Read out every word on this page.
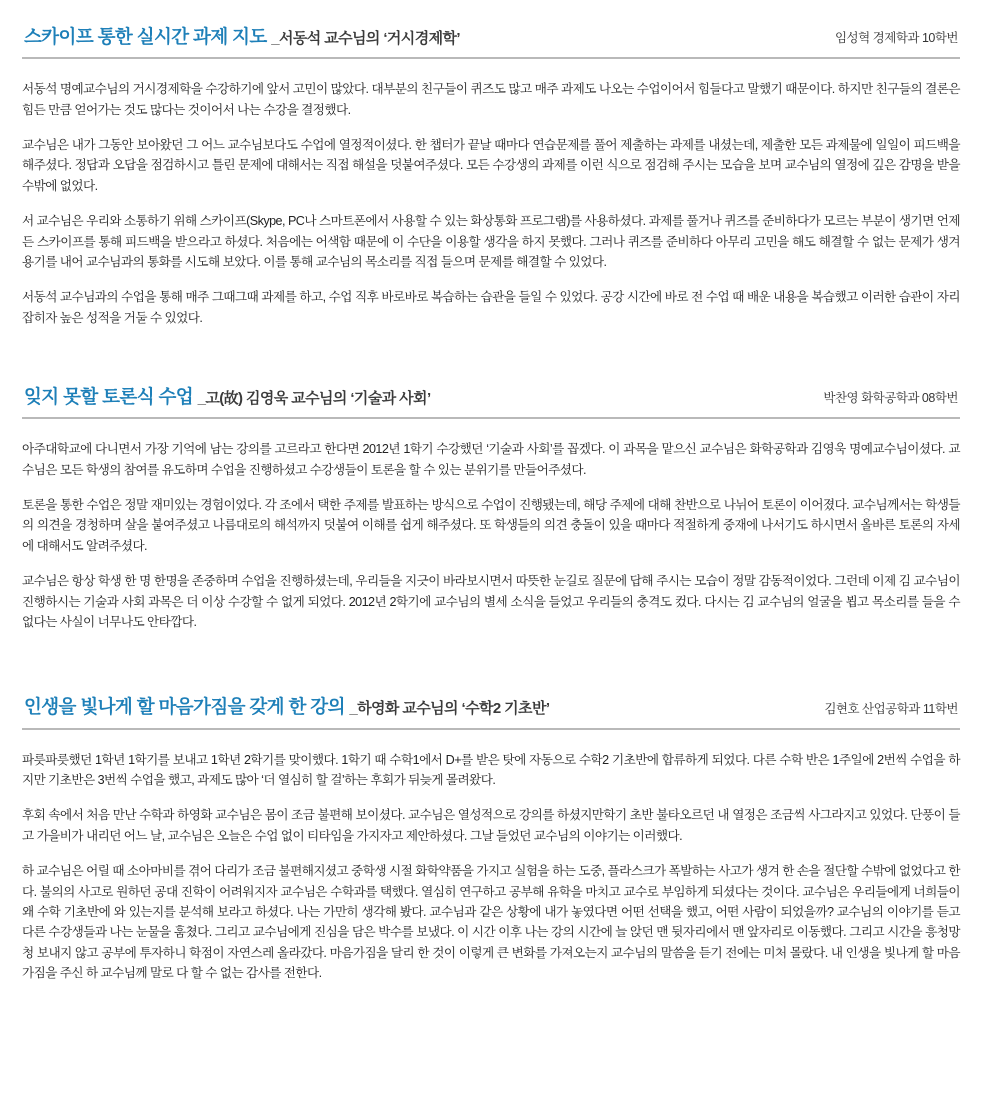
스카이프 통한 실시간 과제 지도 _서동석 교수님의 ‘거시경제학’	임성혁 경제학과 10학번

서동석 명예교수님의 거시경제학을 수강하기에 앞서 고민이 많았다. 대부분의 친구들이 퀴즈도 많고 매주 과제도 나오는 수업이어서 힘들다고 말했기 때문이다. 하지만 친구들의 결론은 힘든 만큼 얻어가는 것도 많다는 것이어서 나는 수강을 결정했다.

교수님은 내가 그동안 보아왔던 그 어느 교수님보다도 수업에 열정적이셨다. 한 챕터가 끝날 때마다 연습문제를 풀어 제출하는 과제를 내셨는데, 제출한 모든 과제물에 일일이 피드백을 해주셨다. 정답과 오답을 점검하시고 틀린 문제에 대해서는 직접 해설을 덧붙여주셨다. 모든 수강생의 과제를 이런 식으로 점검해 주시는 모습을 보며 교수님의 열정에 깊은 감명을 받을 수밖에 없었다.

서 교수님은 우리와 소통하기 위해 스카이프(Skype, PC나 스마트폰에서 사용할 수 있는 화상통화 프로그램)를 사용하셨다. 과제를 풀거나 퀴즈를 준비하다가 모르는 부분이 생기면 언제든 스카이프를 통해 피드백을 받으라고 하셨다. 처음에는 어색함 때문에 이 수단을 이용할 생각을 하지 못했다. 그러나 퀴즈를 준비하다 아무리 고민을 해도 해결할 수 없는 문제가 생겨 용기를 내어 교수님과의 통화를 시도해 보았다. 이를 통해 교수님의 목소리를 직접 들으며 문제를 해결할 수 있었다.

서동석 교수님과의 수업을 통해 매주 그때그때 과제를 하고, 수업 직후 바로바로 복습하는 습관을 들일 수 있었다. 공강 시간에 바로 전 수업 때 배운 내용을 복습했고 이러한 습관이 자리 잡히자 높은 성적을 거둘 수 있었다.

잊지 못할 토론식 수업 _고(故) 김영욱 교수님의 ‘기술과 사회’	박찬영 화학공학과 08학번

아주대학교에 다니면서 가장 기억에 남는 강의를 고르라고 한다면 2012년 1학기 수강했던 ‘기술과 사회’를 꼽겠다. 이 과목을 맡으신 교수님은 화학공학과 김영욱 명예교수님이셨다. 교수님은 모든 학생의 참여를 유도하며 수업을 진행하셨고 수강생들이 토론을 할 수 있는 분위기를 만들어주셨다.

토론을 통한 수업은 정말 재미있는 경험이었다. 각 조에서 택한 주제를 발표하는 방식으로 수업이 진행됐는데, 해당 주제에 대해 찬반으로 나뉘어 토론이 이어졌다. 교수님께서는 학생들의 의견을 경청하며 살을 붙여주셨고 나름대로의 해석까지 덧붙여 이해를 쉽게 해주셨다. 또 학생들의 의견 충돌이 있을 때마다 적절하게 중재에 나서기도 하시면서 올바른 토론의 자세에 대해서도 알려주셨다.

교수님은 항상 학생 한 명 한명을 존중하며 수업을 진행하셨는데, 우리들을 지긋이 바라보시면서 따뜻한 눈길로 질문에 답해 주시는 모습이 정말 감동적이었다. 그런데 이제 김 교수님이 진행하시는 기술과 사회 과목은 더 이상 수강할 수 없게 되었다. 2012년 2학기에 교수님의 별세 소식을 들었고 우리들의 충격도 컸다. 다시는 김 교수님의 얼굴을 뵙고 목소리를 들을 수 없다는 사실이 너무나도 안타깝다.

인생을 빛나게 할 마음가짐을 갖게 한 강의 _하영화 교수님의 ‘수학2 기초반’	김현호 산업공학과 11학번

파릇파릇했던 1학년 1학기를 보내고 1학년 2학기를 맞이했다. 1학기 때 수학1에서 D+를 받은 탓에 자동으로 수학2 기초반에 합류하게 되었다. 다른 수학 반은 1주일에 2번씩 수업을 하지만 기초반은 3번씩 수업을 했고, 과제도 많아 ‘더 열심히 할 걸’하는 후회가 뒤늦게 몰려왔다.

후회 속에서 처음 만난 수학과 하영화 교수님은 몸이 조금 불편해 보이셨다. 교수님은 열성적으로 강의를 하셨지만학기 초반 불타오르던 내 열정은 조금씩 사그라지고 있었다. 단풍이 들고 가을비가 내리던 어느 날, 교수님은 오늘은 수업 없이 티타임을 가지자고 제안하셨다. 그날 들었던 교수님의 이야기는 이러했다.

하 교수님은 어릴 때 소아마비를 겪어 다리가 조금 불편해지셨고 중학생 시절 화학약품을 가지고 실험을 하는 도중, 플라스크가 폭발하는 사고가 생겨 한 손을 절단할 수밖에 없었다고 한다. 불의의 사고로 원하던 공대 진학이 어려워지자 교수님은 수학과를 택했다. 열심히 연구하고 공부해 유학을 마치고 교수로 부임하게 되셨다는 것이다. 교수님은 우리들에게 너희들이 왜 수학 기초반에 와 있는지를 분석해 보라고 하셨다. 나는 가만히 생각해 봤다. 교수님과 같은 상황에 내가 놓였다면 어떤 선택을 했고, 어떤 사람이 되었을까? 교수님의 이야기를 듣고 다른 수강생들과 나는 눈물을 훔쳤다. 그리고 교수님에게 진심을 담은 박수를 보냈다. 이 시간 이후 나는 강의 시간에 늘 앉던 맨 뒷자리에서 맨 앞자리로 이동했다. 그리고 시간을 흥청망청 보내지 않고 공부에 투자하니 학점이 자연스레 올라갔다. 마음가짐을 달리 한 것이 이렇게 큰 변화를 가져오는지 교수님의 말씀을 듣기 전에는 미처 몰랐다. 내 인생을 빛나게 할 마음가짐을 주신 하 교수님께 말로 다 할 수 없는 감사를 전한다.
